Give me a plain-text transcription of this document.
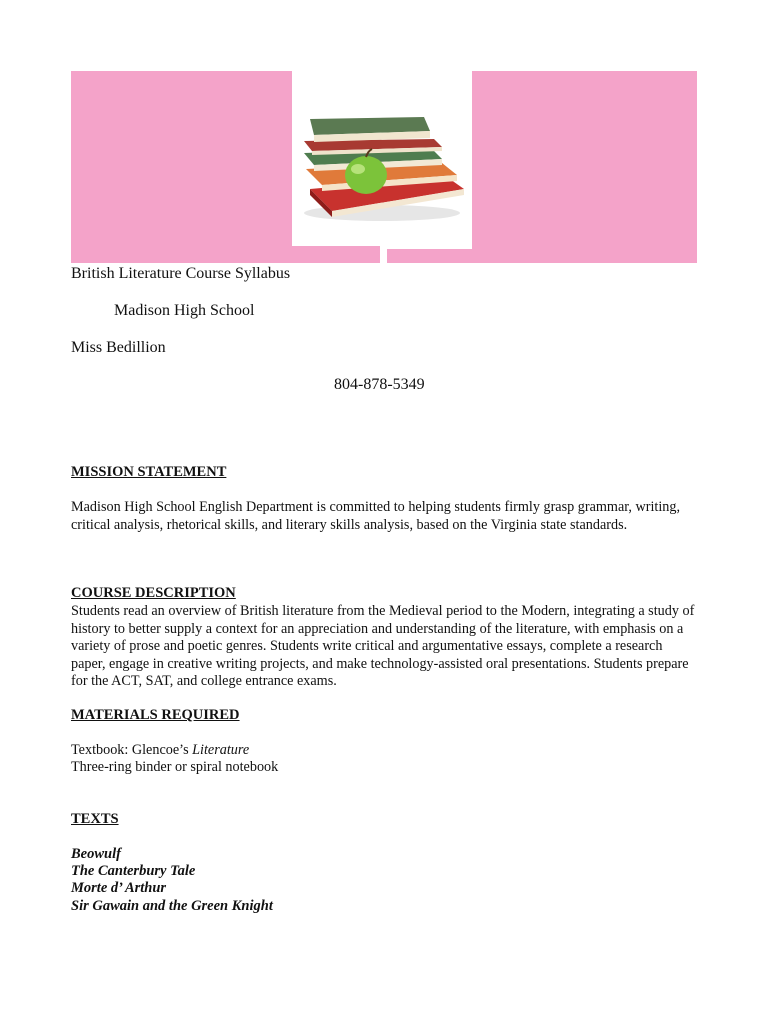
British Literature Course Syllabus
Madison High School
Miss Bedillion
804-878-5349
MISSION STATEMENT
Madison High School English Department is committed to helping students firmly grasp grammar, writing, critical analysis, rhetorical skills, and literary skills analysis, based on the Virginia state standards.
COURSE DESCRIPTION
Students read an overview of British literature from the Medieval period to the Modern, integrating a study of history to better supply a context for an appreciation and understanding of the literature, with emphasis on a variety of prose and poetic genres. Students write critical and argumentative essays, complete a research paper, engage in creative writing projects, and make technology-assisted oral presentations. Students prepare for the ACT, SAT, and college entrance exams.
MATERIALS REQUIRED
Textbook: Glencoe’s Literature
Three-ring binder or spiral notebook
TEXTS
Beowulf
The Canterbury Tale
Morte d’ Arthur
Sir Gawain and the Green Knight
